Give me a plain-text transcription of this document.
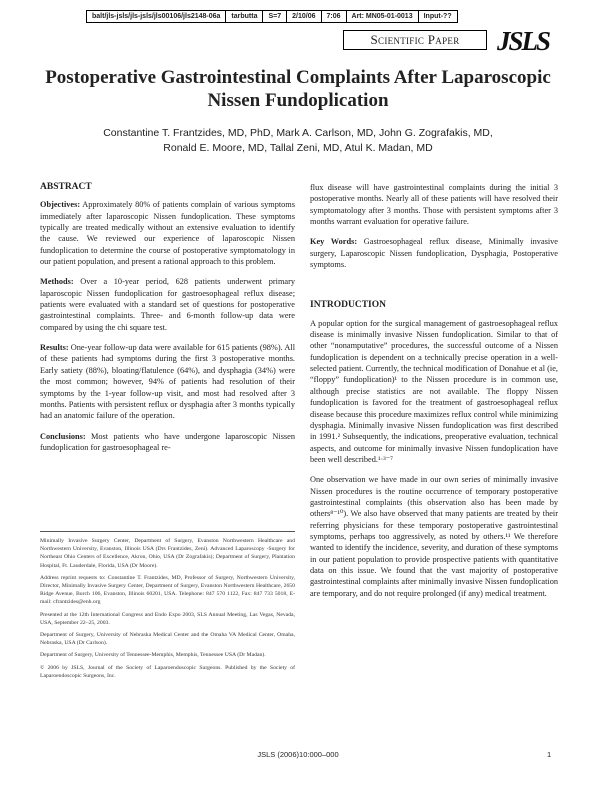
balt/jls-jsls/jls-jsls/jls00106/jls2148-06a	tarbutta	S=7	2/10/06	7:06	Art: MN05-01-0013	Input-??
Scientific Paper	JSLS
Postoperative Gastrointestinal Complaints After Laparoscopic Nissen Fundoplication
Constantine T. Frantzides, MD, PhD, Mark A. Carlson, MD, John G. Zografakis, MD,
Ronald E. Moore, MD, Tallal Zeni, MD, Atul K. Madan, MD
ABSTRACT

Objectives: Approximately 80% of patients complain of various symptoms immediately after laparoscopic Nissen fundoplication. These symptoms typically are treated medically without an extensive evaluation to identify the cause. We reviewed our experience of laparoscopic Nissen fundoplication to determine the course of postoperative symptomatology in our patient population, and present a rational approach to this problem.

Methods: Over a 10-year period, 628 patients underwent primary laparoscopic Nissen fundoplication for gastroesophageal reflux disease; patients were evaluated with a standard set of questions for postoperative gastrointestinal complaints. Three- and 6-month follow-up data were compared by using the chi square test.

Results: One-year follow-up data were available for 615 patients (98%). All of these patients had symptoms during the first 3 postoperative months. Early satiety (88%), bloating/flatulence (64%), and dysphagia (34%) were the most common; however, 94% of patients had resolution of their symptoms by the 1-year follow-up visit, and most had resolved after 3 months. Patients with persistent reflux or dysphagia after 3 months typically had an anatomic failure of the operation.

Conclusions: Most patients who have undergone laparoscopic Nissen fundoplication for gastroesophageal re-

Minimally Invasive Surgery Center, Department of Surgery, Evanston Northwestern Healthcare and Northwestern University, Evanston, Illinois USA (Drs Frantzides, Zeni). Advanced Laparoscopy -Surgery for Northeast Ohio Centers of Excellence, Akron, Ohio, USA (Dr Zografakis); Department of Surgery, Plantation Hospital, Ft. Lauderdale, Florida, USA (Dr Moore).

Address reprint requests to: Constantine T. Frantzides, MD, Professor of Surgery, Northwestern University, Director, Minimally Invasive Surgery Center, Department of Surgery, Evanston Northwestern Healthcare, 2650 Ridge Avenue, Burch 106, Evanston, Illinois 60201, USA. Telephone: 847 570 1122, Fax: 847 733 5018, E-mail: cfrantzides@enh.org

Presented at the 12th International Congress and Endo Expo 2003, SLS Annual Meeting, Las Vegas, Nevada, USA, September 22–25, 2003.

Department of Surgery, University of Nebraska Medical Center and the Omaha VA Medical Center, Omaha, Nebraska, USA (Dr Carlson).

Department of Surgery, University of Tennessee-Memphis, Memphis, Tennessee USA (Dr Madan).

© 2006 by JSLS, Journal of the Society of Laparoendoscopic Surgeons. Published by the Society of Laparoendoscopic Surgeons, Inc.

flux disease will have gastrointestinal complaints during the initial 3 postoperative months. Nearly all of these patients will have resolved their symptomatology after 3 months. Those with persistent symptoms after 3 months warrant evaluation for operative failure.

Key Words: Gastroesophageal reflux disease, Minimally invasive surgery, Laparoscopic Nissen fundoplication, Dysphagia, Postoperative symptoms.

INTRODUCTION

A popular option for the surgical management of gastroesophageal reflux disease is minimally invasive Nissen fundoplication. Similar to that of other “nonamputative” procedures, the successful outcome of a Nissen fundoplication is dependent on a technically precise operation in a well-selected patient. Currently, the technical modification of Donahue et al (ie, “floppy” fundoplication)¹ to the Nissen procedure is in common use, although precise statistics are not available. The floppy Nissen fundoplication is favored for the treatment of gastroesophageal reflux disease because this procedure maximizes reflux control while minimizing dysphagia. Minimally invasive Nissen fundoplication was first described in 1991.² Subsequently, the indications, preoperative evaluation, technical aspects, and outcome for minimally invasive Nissen fundoplication have been well described.¹·³⁻⁷

One observation we have made in our own series of minimally invasive Nissen procedures is the routine occurrence of temporary postoperative gastrointestinal complaints (this observation also has been made by others⁸⁻¹⁰). We also have observed that many patients are treated by their referring physicians for these temporary postoperative gastrointestinal symptoms, perhaps too aggressively, as noted by others.¹¹ We therefore wanted to identify the incidence, severity, and duration of these symptoms in our patient population to provide prospective patients with quantitative data on this issue. We found that the vast majority of postoperative gastrointestinal complaints after minimally invasive Nissen fundoplication are temporary, and do not require prolonged (if any) medical treatment.

JSLS (2006)10:000–000	1
